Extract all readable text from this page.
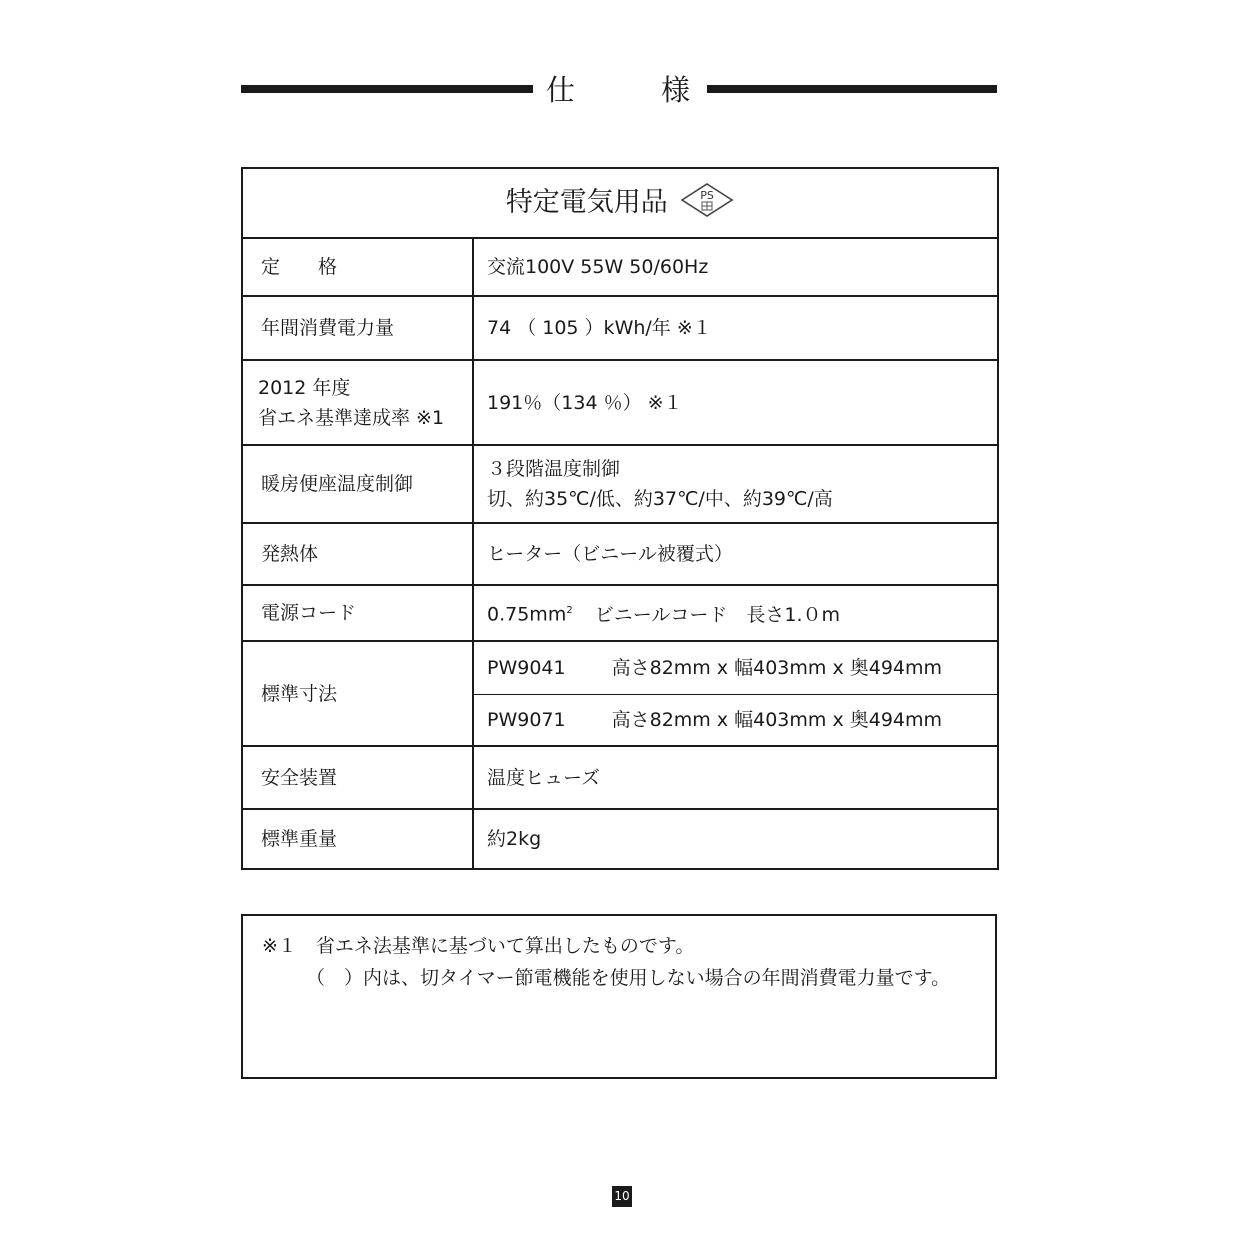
仕	様
特定電気用品 PS	

定　　格	交流100V 55W 50/60Hz
年間消費電力量	74 （ 105 ）kWh/年 ※１

2012 年度
省エネ基準達成率 ※1	191％（134 ％） ※１
暖房便座温度制御	３段階温度制御
切、約35℃/低、約37℃/中、約39℃/高

発熱体	ヒーター（ビニール被覆式）
電源コード	$0.75mm^2$ ビニールコード　長さ1.０m
標準寸法	PW9041 高さ82mm x 幅403mm x 奥494mm
	PW9071 高さ82mm x 幅403mm x 奥494mm
安全装置	温度ヒューズ
標準重量	約2kg
※１　省エネ法基準に基づいて算出したものです。
（　）内は、切タイマー節電機能を使用しない場合の年間消費電力量です。
10
